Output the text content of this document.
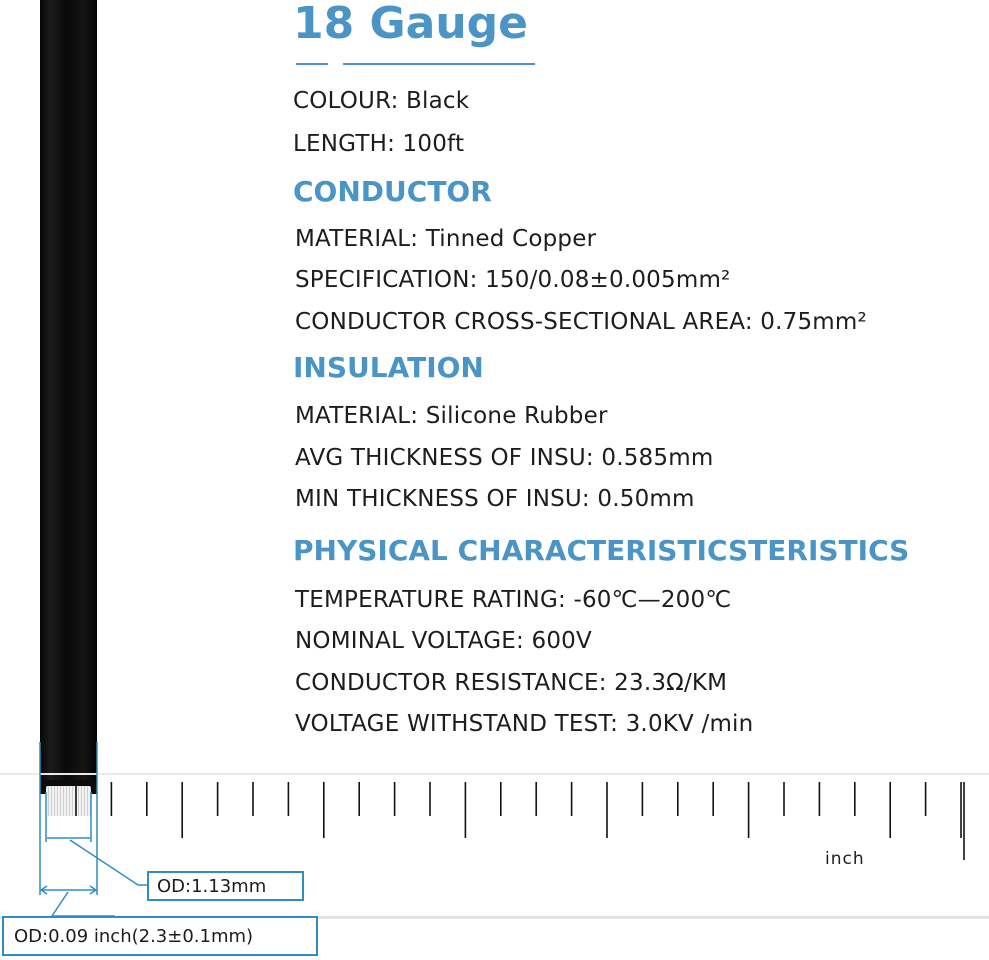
inch
OD:1.13mm
OD:0.09 inch(2.3±0.1mm)
18 Gauge
COLOUR: Black
LENGTH: 100ft
CONDUCTOR
MATERIAL: Tinned Copper
SPECIFICATION: 150/0.08±0.005mm²
CONDUCTOR CROSS-SECTIONAL AREA: 0.75mm²
INSULATION
MATERIAL: Silicone Rubber
AVG THICKNESS OF INSU: 0.585mm
MIN THICKNESS OF INSU: 0.50mm
PHYSICAL CHARACTERISTICSTERISTICS
TEMPERATURE RATING: -60℃—200℃
NOMINAL VOLTAGE: 600V
CONDUCTOR RESISTANCE: 23.3Ω/KM
VOLTAGE WITHSTAND TEST: 3.0KV /min
